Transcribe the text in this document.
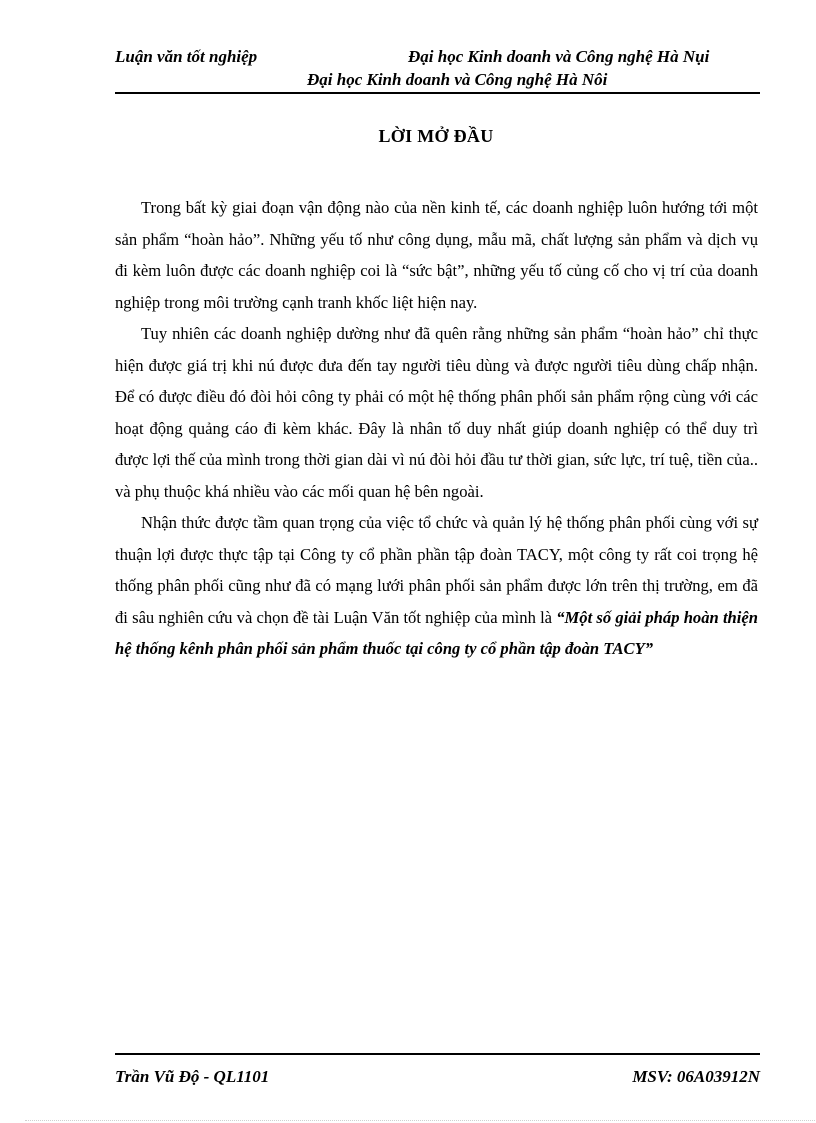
Luận văn tốt nghiệp	Đại học Kinh doanh và Công nghệ Hà Nụi
Đại học Kinh doanh và Công nghệ Hà Nôi
LỜI MỞ ĐẦU

Trong bất kỳ giai đoạn vận động nào của nền kinh tế, các doanh nghiệp luôn hướng tới một sản phẩm “hoàn hảo”. Những yếu tố như công dụng, mẫu mã, chất lượng sản phẩm và dịch vụ đi kèm luôn được các doanh nghiệp coi là “sức bật”, những yếu tố củng cố cho vị trí của doanh nghiệp trong môi trường cạnh tranh khốc liệt hiện nay.

Tuy nhiên các doanh nghiệp dường như đã quên rằng những sản phẩm “hoàn hảo” chỉ thực hiện được giá trị khi nú được đưa đến tay người tiêu dùng và được người tiêu dùng chấp nhận. Để có được điều đó đòi hỏi công ty phải có một hệ thống phân phối sản phẩm rộng cùng với các hoạt động quảng cáo đi kèm khác. Đây là nhân tố duy nhất giúp doanh nghiệp có thể duy trì được lợi thế của mình trong thời gian dài vì nú đòi hỏi đầu tư thời gian, sức lực, trí tuệ, tiền của.. và phụ thuộc khá nhiều vào các mối quan hệ bên ngoài.

Nhận thức được tầm quan trọng của việc tổ chức và quản lý hệ thống phân phối cùng với sự thuận lợi được thực tập tại Công ty cổ phần phần tập đoàn TACY, một công ty rất coi trọng hệ thống phân phối cũng như đã có mạng lưới phân phối sản phẩm được lớn trên thị trường, em đã đi sâu nghiên cứu và chọn đề tài Luận Văn tốt nghiệp của mình là “Một số giải pháp hoàn thiện hệ thống kênh phân phối sản phẩm thuốc tại công ty cổ phần tập đoàn TACY”

Trần Vũ Độ - QL1101	MSV: 06A03912N
